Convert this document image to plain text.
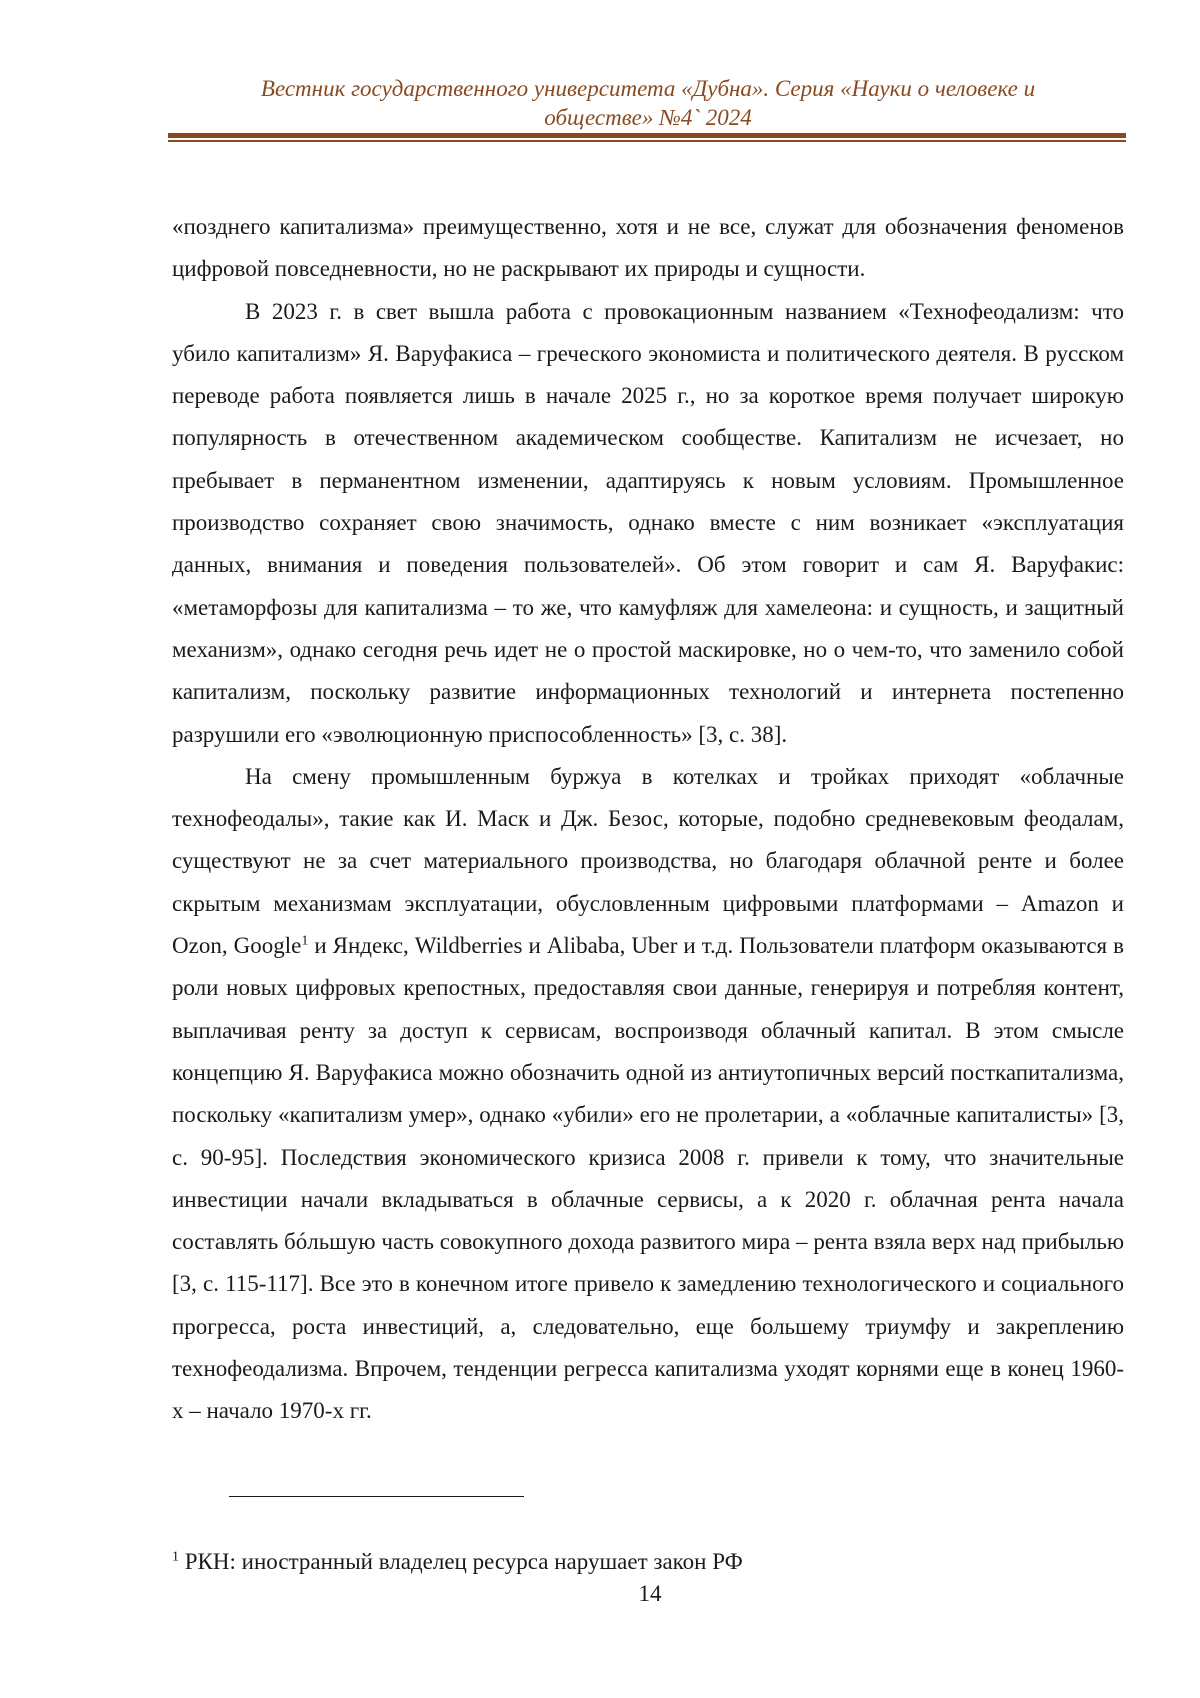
Вестник государственного университета «Дубна». Серия «Науки о человеке и
обществе» №4` 2024

«позднего капитализма» преимущественно, хотя и не все, служат для обозначения феноменов цифровой повседневности, но не раскрывают их природы и сущности.

В 2023 г. в свет вышла работа с провокационным названием «Технофеодализм: что убило капитализм» Я. Варуфакиса – греческого экономиста и политического деятеля. В русском переводе работа появляется лишь в начале 2025 г., но за короткое время получает широкую популярность в отечественном академическом сообществе. Капитализм не исчезает, но пребывает в перманентном изменении, адаптируясь к новым условиям. Промышленное производство сохраняет свою значимость, однако вместе с ним возникает «эксплуатация данных, внимания и поведения пользователей». Об этом говорит и сам Я. Варуфакис: «метаморфозы для капитализма – то же, что камуфляж для хамелеона: и сущность, и защитный механизм», однако сегодня речь идет не о простой маскировке, но о чем-то, что заменило собой капитализм, поскольку развитие информационных технологий и интернета постепенно разрушили его «эволюционную приспособленность» [3, с. 38].

На смену промышленным буржуа в котелках и тройках приходят «облачные технофеодалы», такие как И. Маск и Дж. Безос, которые, подобно средневековым феодалам, существуют не за счет материального производства, но благодаря облачной ренте и более скрытым механизмам эксплуатации, обусловленным цифровыми платформами – Amazon и Ozon, Google$^1$ и Яндекс, Wildberries и Alibaba, Uber и т.д. Пользователи платформ оказываются в роли новых цифровых крепостных, предоставляя свои данные, генерируя и потребляя контент, выплачивая ренту за доступ к сервисам, воспроизводя облачный капитал. В этом смысле концепцию Я. Варуфакиса можно обозначить одной из антиутопичных версий посткапитализма, поскольку «капитализм умер», однако «убили» его не пролетарии, а «облачные капиталисты» [3, с. 90-95]. Последствия экономического кризиса 2008 г. привели к тому, что значительные инвестиции начали вкладываться в облачные сервисы, а к 2020 г. облачная рента начала составлять бóльшую часть совокупного дохода развитого мира – рента взяла верх над прибылью [3, с. 115-117]. Все это в конечном итоге привело к замедлению технологического и социального прогресса, роста инвестиций, а, следовательно, еще большему триумфу и закреплению технофеодализма. Впрочем, тенденции регресса капитализма уходят корнями еще в конец 1960-х – начало 1970-х гг.

$^1$ РКН: иностранный владелец ресурса нарушает закон РФ
14
